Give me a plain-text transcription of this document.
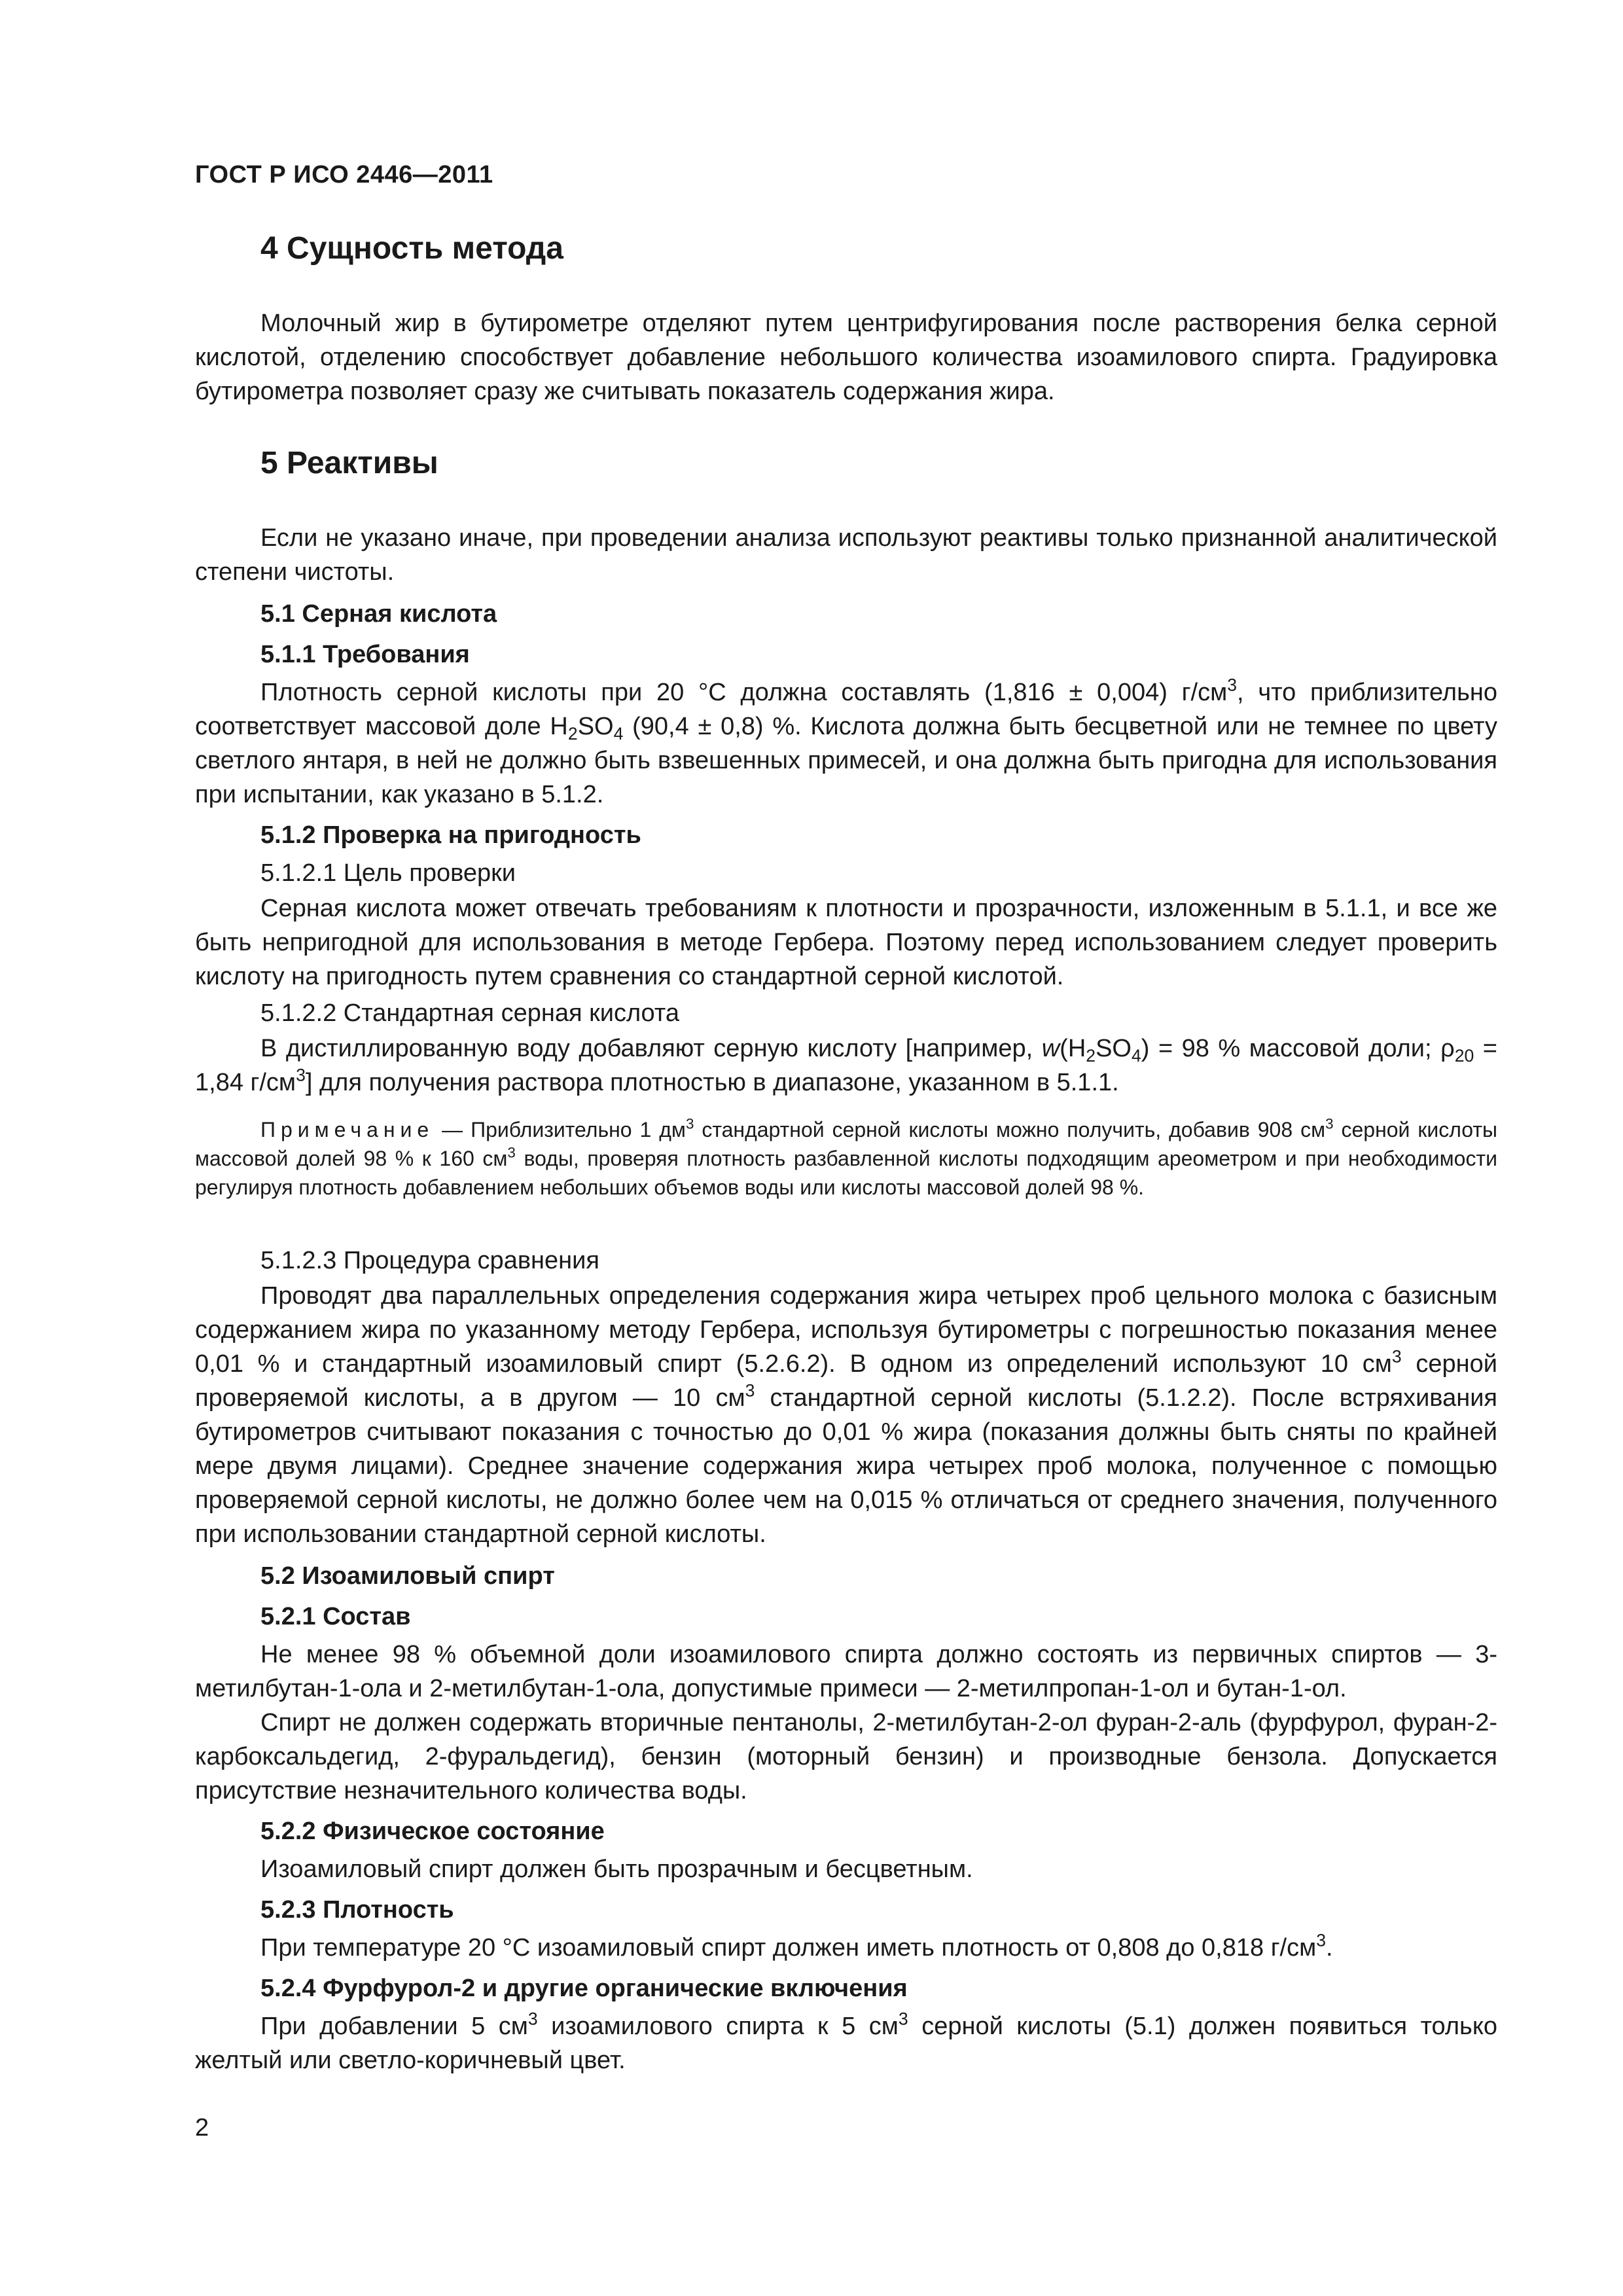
ГОСТ Р ИСО 2446—2011
4 Сущность метода

Молочный жир в бутирометре отделяют путем центрифугирования после растворения белка серной кислотой, отделению способствует добавление небольшого количества изоамилового спирта. Градуировка бутирометра позволяет сразу же считывать показатель содержания жира.

5 Реактивы

Если не указано иначе, при проведении анализа используют реактивы только признанной аналитической степени чистоты.

5.1 Серная кислота
5.1.1 Требования

Плотность серной кислоты при 20 °C должна составлять (1,816 ± 0,004) $г/см^3$, что приблизительно соответствует массовой доле $H_2SO_4$ (90,4 ± 0,8) %. Кислота должна быть бесцветной или не темнее по цвету светлого янтаря, в ней не должно быть взвешенных примесей, и она должна быть пригодна для использования при испытании, как указано в 5.1.2.

5.1.2 Проверка на пригодность
5.1.2.1 Цель проверки

Серная кислота может отвечать требованиям к плотности и прозрачности, изложенным в 5.1.1, и все же быть непригодной для использования в методе Гербера. Поэтому перед использованием следует проверить кислоту на пригодность путем сравнения со стандартной серной кислотой.

5.1.2.2 Стандартная серная кислота

В дистиллированную воду добавляют серную кислоту [например, $w(H_2SO_4) = 98$ % массовой доли; $\rho_{20} = 1,84$ $г/см^3$] для получения раствора плотностью в диапазоне, указанном в 5.1.1.

Примечание — Приблизительно 1 $дм^3$ стандартной серной кислоты можно получить, добавив 908 $см^3$ серной кислоты массовой долей 98 % к 160 $см^3$ воды, проверяя плотность разбавленной кислоты подходящим ареометром и при необходимости регулируя плотность добавлением небольших объемов воды или кислоты массовой долей 98 %.

5.1.2.3 Процедура сравнения

Проводят два параллельных определения содержания жира четырех проб цельного молока с базисным содержанием жира по указанному методу Гербера, используя бутирометры с погрешностью показания менее 0,01 % и стандартный изоамиловый спирт (5.2.6.2). В одном из определений используют 10 $см^3$ серной проверяемой кислоты, а в другом — 10 $см^3$ стандартной серной кислоты (5.1.2.2). После встряхивания бутирометров считывают показания с точностью до 0,01 % жира (показания должны быть сняты по крайней мере двумя лицами). Среднее значение содержания жира четырех проб молока, полученное с помощью проверяемой серной кислоты, не должно более чем на 0,015 % отличаться от среднего значения, полученного при использовании стандартной серной кислоты.

5.2 Изоамиловый спирт
5.2.1 Состав

Не менее 98 % объемной доли изоамилового спирта должно состоять из первичных спиртов — 3-метилбутан-1-ола и 2-метилбутан-1-ола, допустимые примеси — 2-метилпропан-1-ол и бутан-1-ол.

Спирт не должен содержать вторичные пентанолы, 2-метилбутан-2-ол фуран-2-аль (фурфурол, фуран-2-карбоксальдегид, 2-фуральдегид), бензин (моторный бензин) и производные бензола. Допускается присутствие незначительного количества воды.

5.2.2 Физическое состояние

Изоамиловый спирт должен быть прозрачным и бесцветным.

5.2.3 Плотность

При температуре 20 °C изоамиловый спирт должен иметь плотность от 0,808 до 0,818 $г/см^3$.

5.2.4 Фурфурол-2 и другие органические включения

При добавлении 5 $см^3$ изоамилового спирта к 5 $см^3$ серной кислоты (5.1) должен появиться только желтый или светло-коричневый цвет.

2
